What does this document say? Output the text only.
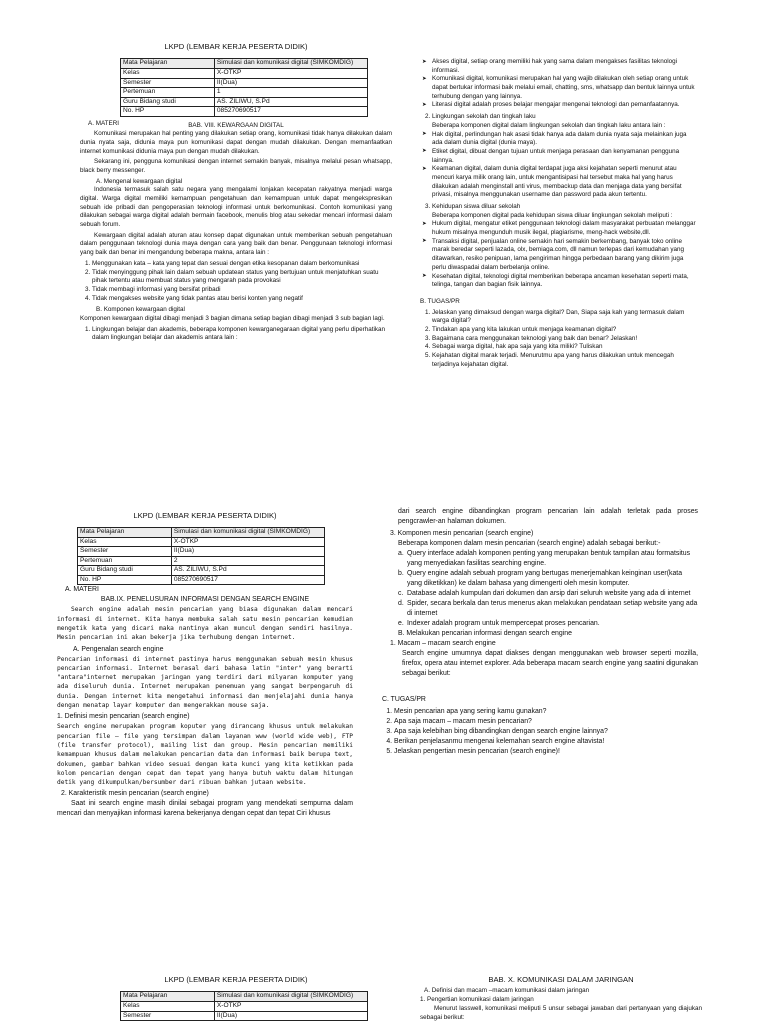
LKPD (LEMBAR KERJA PESERTA DIDIK)
Mata Pelajaran	Simulasi dan komunikasi digital (SIMKOMDIG)
Kelas	X-OTKP
Semester	II(Dua)
Pertemuan	1
Guru Bidang studi	AS. ZILIWU, S.Pd
No. HP	085270690517
A. MATERI	BAB. VIII. KEWARGAAN DIGITAL

Komunikasi merupakan hal penting yang dilakukan setiap orang, komunikasi tidak hanya dilakukan dalam dunia nyata saja, didunia maya pun komunikasi dapat dengan mudah dilakukan. Dengan memanfaatkan internet komunikasi didunia maya pun dengan mudah dilakukan.

Sekarang ini, pengguna komunikasi dengan internet semakin banyak, misalnya melalui pesan whatsapp, black berry messenger.

A. Mengenal kewargaan digital

Indonesia termasuk salah satu negara yang mengalami lonjakan kecepatan rakyatnya menjadi warga digital. Warga digital memiliki kemampuan pengetahuan dan kemampuan untuk dapat mengekspresikan sebuah ide pribadi dan pengoperasian teknologi informasi untuk berkomunikasi. Contoh komunikasi yang dilakukan sebagai warga digital adalah bermain facebook, menulis blog atau sekedar mencari informasi dalam sebuah forum.

Kewargaan digital adalah aturan atau konsep dapat digunakan untuk memberikan sebuah pengetahuan dalam penggunaan teknologi dunia maya dengan cara yang baik dan benar. Penggunaan teknologi informasi yang baik dan benar ini mengandung beberapa makna, antara lain :

1. Menggunakan kata – kata yang tepat dan sesuai dengan etika kesopanan dalam berkomunikasi
2. Tidak menyinggung pihak lain dalam sebuah updatean status yang bertujuan untuk menjatuhkan suatu pihak tertentu atau membuat status yang mengarah pada provokasi
3. Tidak membagi informasi yang bersifat pribadi
4. Tidak mengakses website yang tidak pantas atau berisi konten yang negatif
B. Komponen kewargaan digital

Komponen kewargaan digital dibagi menjadi 3 bagian dimana setiap bagian dibagi menjadi 3 sub bagian lagi.

1. Lingkungan belajar dan akademis, beberapa komponen kewarganegaraan digital yang perlu diperhatikan dalam lingkungan belajar dan akademis antara lain :
➤ Akses digital, setiap orang memiliki hak yang sama dalam mengakses fasilitas teknologi informasi.
➤ Komunikasi digital, komunikasi merupakan hal yang wajib dilakukan oleh setiap orang untuk dapat bertukar informasi baik melalui email, chatting, sms, whatsapp dan bentuk lainnya untuk terhubung dengan yang lainnya.
➤ Literasi digital adalah proses belajar mengajar mengenai teknologi dan pemanfaatannya.
2. Lingkungan sekolah dan tingkah laku
Beberapa komponen digital dalam lingkungan sekolah dan tingkah laku antara lain :
➤ Hak digital, perlindungan hak asasi tidak hanya ada dalam dunia nyata saja melainkan juga ada dalam dunia digital (dunia maya).
➤ Etiket digital, dibuat dengan tujuan untuk menjaga perasaan dan kenyamanan pengguna lainnya.
➤ Keamanan digital, dalam dunia digital terdapat juga aksi kejahatan seperti menurut atau mencuri karya milik orang lain, untuk mengantisipasi hal tersebut maka hal yang harus dilakukan adalah menginstall anti virus, membackup data dan menjaga data yang bersifat privasi, misalnya menggunakan username dan password pada akun tertentu.
3. Kehidupan siswa diluar sekolah
Beberapa komponen digital pada kehidupan siswa diluar lingkungan sekolah meliputi :
➤ Hukum digital, mengatur etiket penggunaan teknologi dalam masyarakat perbuatan melanggar hukum misalnya mengunduh musik ilegal, plagiarisme, meng-hack website,dll.
➤ Transaksi digital, penjualan online semakin hari semakin berkembang, banyak toko online marak beredar seperti lazada, olx, bemiaga.com, dll namun terlepas dari kemudahan yang ditawarkan, resiko penipuan, lama pengiriman hingga perbedaan barang yang dikirim juga perlu diwaspadai dalam berbelanja online.
➤ Kesehatan digital, teknologi digital memberikan beberapa ancaman kesehatan seperti mata, telinga, tangan dan bagian fisik lainnya.
B. TUGAS/PR
1. Jelaskan yang dimaksud dengan warga digital? Dan, Siapa saja kah yang termasuk dalam warga digital?
2. Tindakan apa yang kita lakukan untuk menjaga keamanan digital?
3. Bagaimana cara menggunakan teknologi yang baik dan benar? Jelaskan!
4. Sebagai warga digital, hak apa saja yang kita miliki? Tuliskan
5. Kejahatan digital marak terjadi. Menurutmu apa yang harus dilakukan untuk mencegah terjadinya kejahatan digital.
LKPD (LEMBAR KERJA PESERTA DIDIK)
Mata Pelajaran	Simulasi dan komunikasi digital (SIMKOMDIG)
Kelas	X-OTKP
Semester	II(Dua)
Pertemuan	2
Guru Bidang studi	AS. ZILIWU, S.Pd
No. HP	085270690517
A. MATERI
BAB.IX. PENELUSURAN INFORMASI DENGAN SEARCH ENGINE

Search engine adalah mesin pencarian yang biasa digunakan dalam mencari informasi di internet. Kita hanya membuka salah satu mesin pencarian kemudian mengetik kata yang dicari maka nantinya akan muncul dengan sendiri hasilnya. Mesin pencarian ini akan bekerja jika terhubung dengan internet.

A. Pengenalan search engine

Pencarian informasi di internet pastinya harus menggunakan sebuah mesin khusus pencarian informasi. Internet berasal dari bahasa latin "inter" yang berarti "antara"internet merupakan jaringan yang terdiri dari milyaran komputer yang ada diseluruh dunia. Internet merupakan penemuan yang sangat berpengaruh di dunia. Dengan internet kita mengetahui informasi dan menjelajahi dunia hanya dengan menatap layar komputer dan mengerakkan mouse saja.

1. Definisi mesin pencarian (search engine)

Search engine merupakan program koputer yang dirancang khusus untuk melakukan pencarian file – file yang tersimpan dalam layanan www (world wide web), FTP (file transfer protocol), mailing list dan group. Mesin pencarian memiliki kemampuan khusus dalam melakukan pencarian data dan informasi baik berupa text, dokumen, gambar bahkan video sesuai dengan kata kunci yang kita ketikkan pada kolom pencarian dengan cepat dan tepat yang hanya butuh waktu dalam hitungan detik yang dikumpulkan/bersumber dari ribuan bahkan jutaan website.

2. Karakteristik mesin pencarian (search engine)

Saat ini search engine masih dinilai sebagai program yang mendekati sempurna dalam mencari dan menyajikan informasi karena bekerjanya dengan cepat dan tepat Ciri khusus

dari search engine dibandingkan program pencarian lain adalah terletak pada proses pengcrawler-an halaman dokumen.

3. Komponen mesin pencarian (search engine)
Beberapa komponen dalam mesin pencarian (search engine) adalah sebagai berikut:-
a. Query interface adalah komponen penting yang merupakan bentuk tampilan atau formatsitus yang menyediakan fasilitas searching engine.
b. Query engine adalah sebuah program yang bertugas menerjemahkan keinginan user(kata yang diketikkan) ke dalam bahasa yang dimengerti oleh mesin komputer.
c. Database adalah kumpulan dari dokumen dan arsip dari seluruh website yang ada di internet
d. Spider, secara berkala dan terus menerus akan melakukan pendataan setiap website yang ada di internet
e. Indexer adalah program untuk mempercepat proses pencarian.
B. Melakukan pencarian informasi dengan search engine
1. Macam – macam search engine

Search engine umumnya dapat diakses dengan menggunakan web browser seperti mozilla, firefox, opera atau internet explorer. Ada beberapa macam search engine yang saatini digunakan sebagai berikut:

C. TUGAS/PR
1. Mesin pencarian apa yang sering kamu gunakan?
2. Apa saja macam – macam mesin pencarian?
3. Apa saja kelebihan bing dibandingkan dengan search engine lainnya?
4. Berikan penjelasanmu mengenai kelemahan search engine altavista!
5. Jelaskan pengertian mesin pencarian (search engine)!
LKPD (LEMBAR KERJA PESERTA DIDIK)
Mata Pelajaran	Simulasi dan komunikasi digital (SIMKOMDIG)
Kelas	X-OTKP
Semester	II(Dua)
BAB. X. KOMUNIKASI DALAM JARINGAN
A. Definisi dan macam –macam komunikasi dalam jaringan
1. Pengertian komunikasi dalam jaringan

Menurut lasswell, komunikasi meliputi 5 unsur sebagai jawaban dari pertanyaan yang diajukan sebagai berikut:
